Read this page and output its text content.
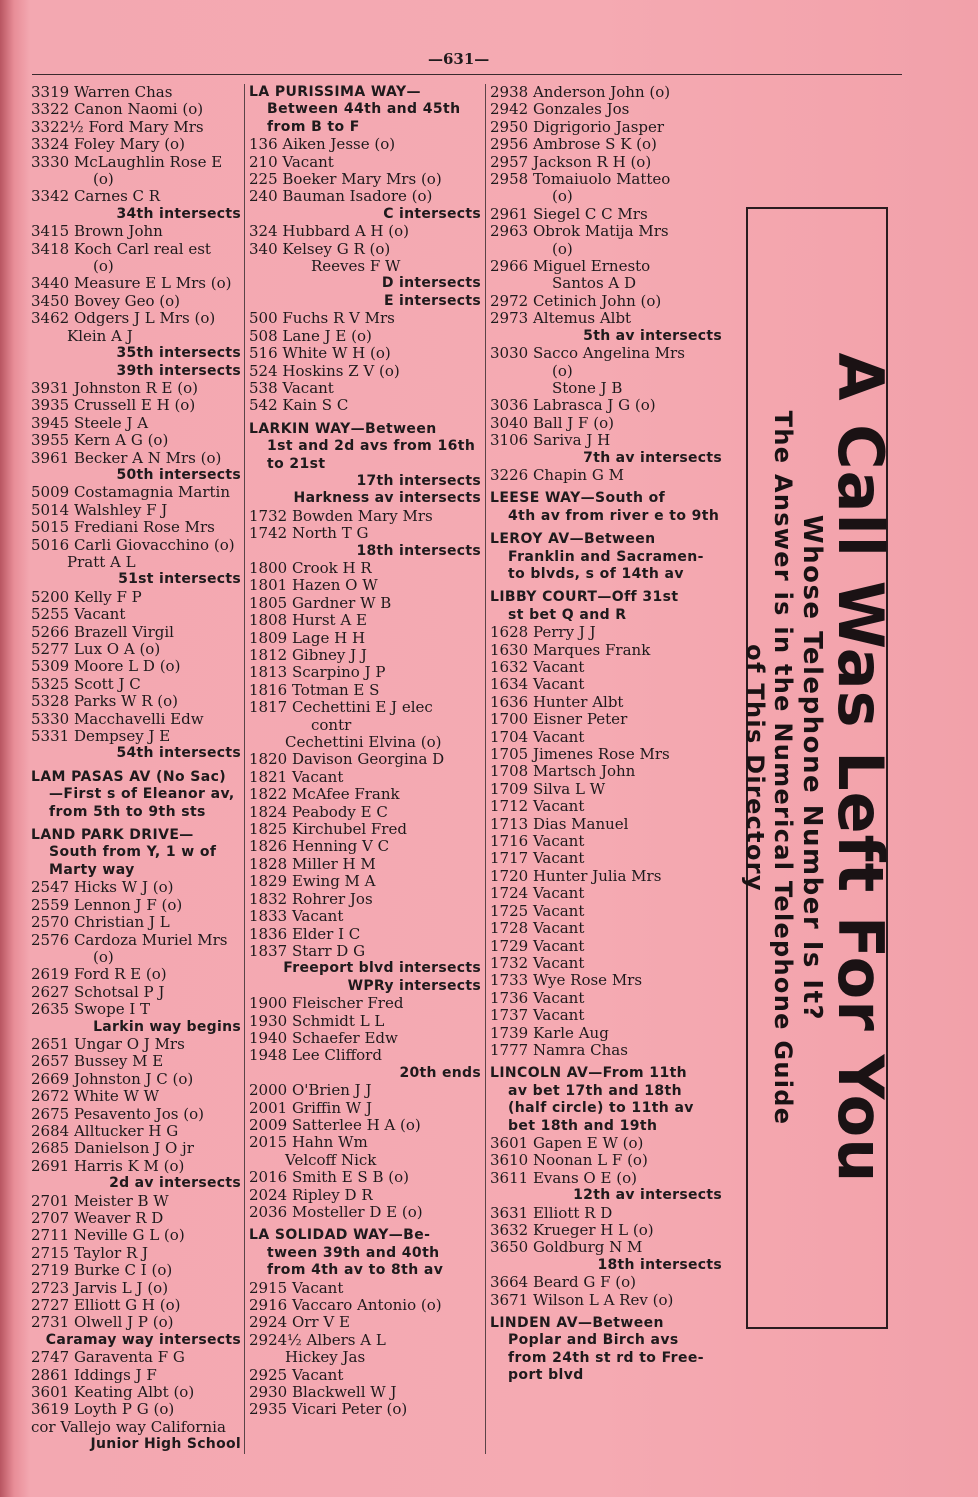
—631—
3319 Warren Chas
3322 Canon Naomi (o)
3322½ Ford Mary Mrs
3324 Foley Mary (o)
3330 McLaughlin Rose E
(o)
3342 Carnes C R
34th intersects
3415 Brown John
3418 Koch Carl real est
(o)
3440 Measure E L Mrs (o)
3450 Bovey Geo (o)
3462 Odgers J L Mrs (o)
Klein A J
35th intersects
39th intersects
3931 Johnston R E (o)
3935 Crussell E H (o)
3945 Steele J A
3955 Kern A G (o)
3961 Becker A N Mrs (o)
50th intersects
5009 Costamagnia Martin
5014 Walshley F J
5015 Frediani Rose Mrs
5016 Carli Giovacchino (o)
Pratt A L
51st intersects
5200 Kelly F P
5255 Vacant
5266 Brazell Virgil
5277 Lux O A (o)
5309 Moore L D (o)
5325 Scott J C
5328 Parks W R (o)
5330 Macchavelli Edw
5331 Dempsey J E
54th intersects
LAM PASAS AV (No Sac)
—First s of Eleanor av, from 5th to 9th sts
LAND PARK DRIVE—
South from Y, 1 w of Marty way
2547 Hicks W J (o)
2559 Lennon J F (o)
2570 Christian J L
2576 Cardoza Muriel Mrs
(o)
2619 Ford R E (o)
2627 Schotsal P J
2635 Swope I T
Larkin way begins
2651 Ungar O J Mrs
2657 Bussey M E
2669 Johnston J C (o)
2672 White W W
2675 Pesavento Jos (o)
2684 Alltucker H G
2685 Danielson J O jr
2691 Harris K M (o)
2d av intersects
2701 Meister B W
2707 Weaver R D
2711 Neville G L (o)
2715 Taylor R J
2719 Burke C I (o)
2723 Jarvis L J (o)
2727 Elliott G H (o)
2731 Olwell J P (o)
Caramay way intersects
2747 Garaventa F G
2861 Iddings J F
3601 Keating Albt (o)
3619 Loyth P G (o)
cor Vallejo way California
Junior High School
LA PURISSIMA WAY—
Between 44th and 45th from B to F
136 Aiken Jesse (o)
210 Vacant
225 Boeker Mary Mrs (o)
240 Bauman Isadore (o)
C intersects
324 Hubbard A H (o)
340 Kelsey G R (o)
Reeves F W
D intersects
E intersects
500 Fuchs R V Mrs
508 Lane J E (o)
516 White W H (o)
524 Hoskins Z V (o)
538 Vacant
542 Kain S C
LARKIN WAY—Between
1st and 2d avs from 16th to 21st
17th intersects
Harkness av intersects
1732 Bowden Mary Mrs
1742 North T G
18th intersects
1800 Crook H R
1801 Hazen O W
1805 Gardner W B
1808 Hurst A E
1809 Lage H H
1812 Gibney J J
1813 Scarpino J P
1816 Totman E S
1817 Cechettini E J elec
contr
Cechettini Elvina (o)
1820 Davison Georgina D
1821 Vacant
1822 McAfee Frank
1824 Peabody E C
1825 Kirchubel Fred
1826 Henning V C
1828 Miller H M
1829 Ewing M A
1832 Rohrer Jos
1833 Vacant
1836 Elder I C
1837 Starr D G
Freeport blvd intersects
WPRy intersects
1900 Fleischer Fred
1930 Schmidt L L
1940 Schaefer Edw
1948 Lee Clifford
20th ends
2000 O'Brien J J
2001 Griffin W J
2009 Satterlee H A (o)
2015 Hahn Wm
Velcoff Nick
2016 Smith E S B (o)
2024 Ripley D R
2036 Mosteller D E (o)
LA SOLIDAD WAY—Be-
tween 39th and 40th from 4th av to 8th av
2915 Vacant
2916 Vaccaro Antonio (o)
2924 Orr V E
2924½ Albers A L
Hickey Jas
2925 Vacant
2930 Blackwell W J
2935 Vicari Peter (o)
2938 Anderson John (o)
2942 Gonzales Jos
2950 Digrigorio Jasper
2956 Ambrose S K (o)
2957 Jackson R H (o)
2958 Tomaiuolo Matteo
(o)
2961 Siegel C C Mrs
2963 Obrok Matija Mrs
(o)
2966 Miguel Ernesto
Santos A D
2972 Cetinich John (o)
2973 Altemus Albt
5th av intersects
3030 Sacco Angelina Mrs
(o)
Stone J B
3036 Labrasca J G (o)
3040 Ball J F (o)
3106 Sariva J H
7th av intersects
3226 Chapin G M
LEESE WAY—South of
4th av from river e to 9th
LEROY AV—Between
Franklin and Sacramen- to blvds, s of 14th av
LIBBY COURT—Off 31st
st bet Q and R
1628 Perry J J
1630 Marques Frank
1632 Vacant
1634 Vacant
1636 Hunter Albt
1700 Eisner Peter
1704 Vacant
1705 Jimenes Rose Mrs
1708 Martsch John
1709 Silva L W
1712 Vacant
1713 Dias Manuel
1716 Vacant
1717 Vacant
1720 Hunter Julia Mrs
1724 Vacant
1725 Vacant
1728 Vacant
1729 Vacant
1732 Vacant
1733 Wye Rose Mrs
1736 Vacant
1737 Vacant
1739 Karle Aug
1777 Namra Chas
LINCOLN AV—From 11th
av bet 17th and 18th (half circle) to 11th av bet 18th and 19th
3601 Gapen E W (o)
3610 Noonan L F (o)
3611 Evans O E (o)
12th av intersects
3631 Elliott R D
3632 Krueger H L (o)
3650 Goldburg N M
18th intersects
3664 Beard G F (o)
3671 Wilson L A Rev (o)
LINDEN AV—Between
Poplar and Birch avs from 24th st rd to Free- port blvd
A Call Was Left For You
Whose Telephone Number Is It?
The Answer is in the Numerical Telephone Guide
of This Directory
